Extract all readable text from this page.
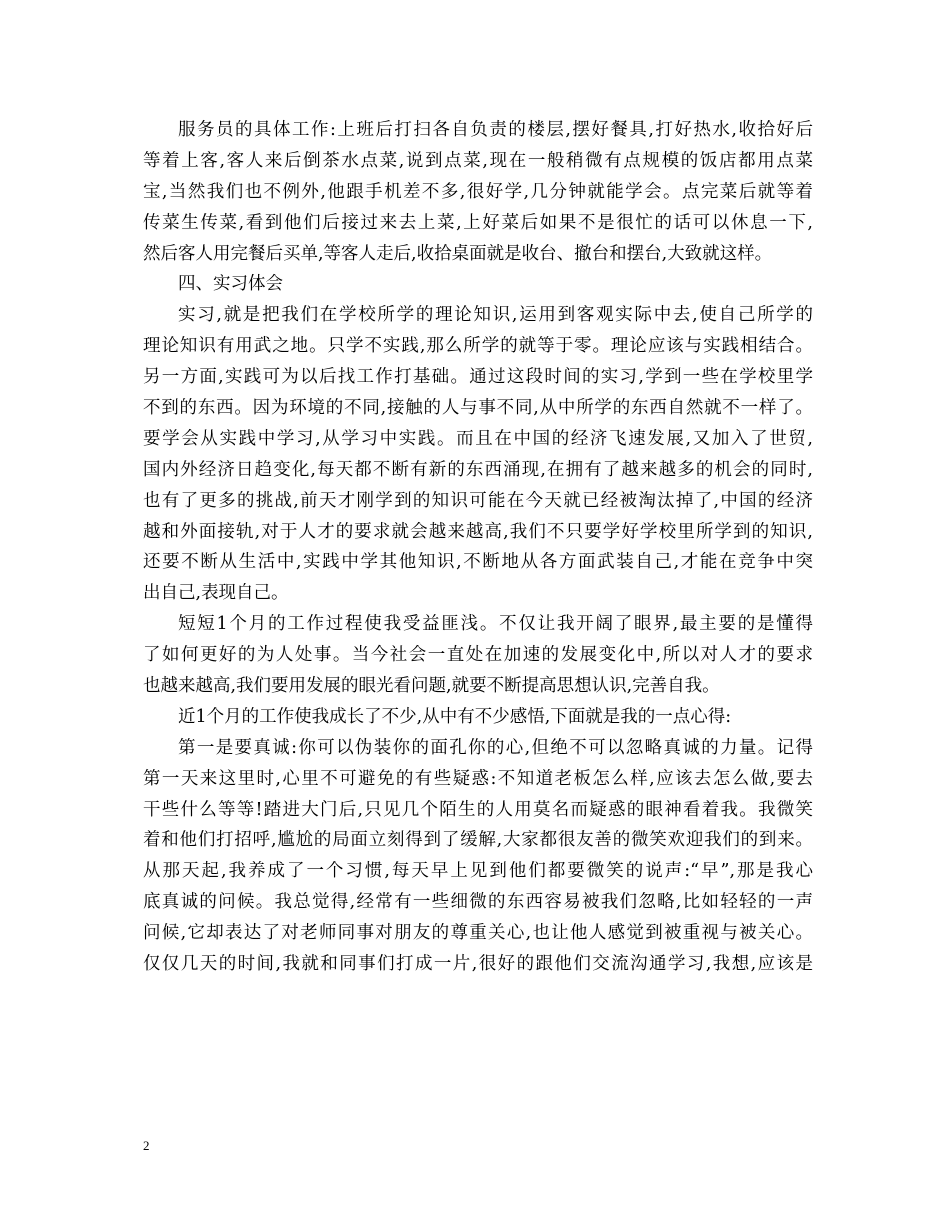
服务员的具体工作:上班后打扫各自负责的楼层,摆好餐具,打好热水,收拾好后
等着上客,客人来后倒茶水点菜,说到点菜,现在一般稍微有点规模的饭店都用点菜
宝,当然我们也不例外,他跟手机差不多,很好学,几分钟就能学会。点完菜后就等着
传菜生传菜,看到他们后接过来去上菜,上好菜后如果不是很忙的话可以休息一下,
然后客人用完餐后买单,等客人走后,收拾桌面就是收台、撤台和摆台,大致就这样。
四、实习体会
实习,就是把我们在学校所学的理论知识,运用到客观实际中去,使自己所学的
理论知识有用武之地。只学不实践,那么所学的就等于零。理论应该与实践相结合。
另一方面,实践可为以后找工作打基础。通过这段时间的实习,学到一些在学校里学
不到的东西。因为环境的不同,接触的人与事不同,从中所学的东西自然就不一样了。
要学会从实践中学习,从学习中实践。而且在中国的经济飞速发展,又加入了世贸,
国内外经济日趋变化,每天都不断有新的东西涌现,在拥有了越来越多的机会的同时,
也有了更多的挑战,前天才刚学到的知识可能在今天就已经被淘汰掉了,中国的经济
越和外面接轨,对于人才的要求就会越来越高,我们不只要学好学校里所学到的知识,
还要不断从生活中,实践中学其他知识,不断地从各方面武装自己,才能在竞争中突
出自己,表现自己。
短短1个月的工作过程使我受益匪浅。不仅让我开阔了眼界,最主要的是懂得
了如何更好的为人处事。当今社会一直处在加速的发展变化中,所以对人才的要求
也越来越高,我们要用发展的眼光看问题,就要不断提高思想认识,完善自我。
近1个月的工作使我成长了不少,从中有不少感悟,下面就是我的一点心得:
第一是要真诚:你可以伪装你的面孔你的心,但绝不可以忽略真诚的力量。记得
第一天来这里时,心里不可避免的有些疑惑:不知道老板怎么样,应该去怎么做,要去
干些什么等等!踏进大门后,只见几个陌生的人用莫名而疑惑的眼神看着我。我微笑
着和他们打招呼,尴尬的局面立刻得到了缓解,大家都很友善的微笑欢迎我们的到来。
从那天起,我养成了一个习惯,每天早上见到他们都要微笑的说声:“早”,那是我心
底真诚的问候。我总觉得,经常有一些细微的东西容易被我们忽略,比如轻轻的一声
问候,它却表达了对老师同事对朋友的尊重关心,也让他人感觉到被重视与被关心。
仅仅几天的时间,我就和同事们打成一片,很好的跟他们交流沟通学习,我想,应该是
2
